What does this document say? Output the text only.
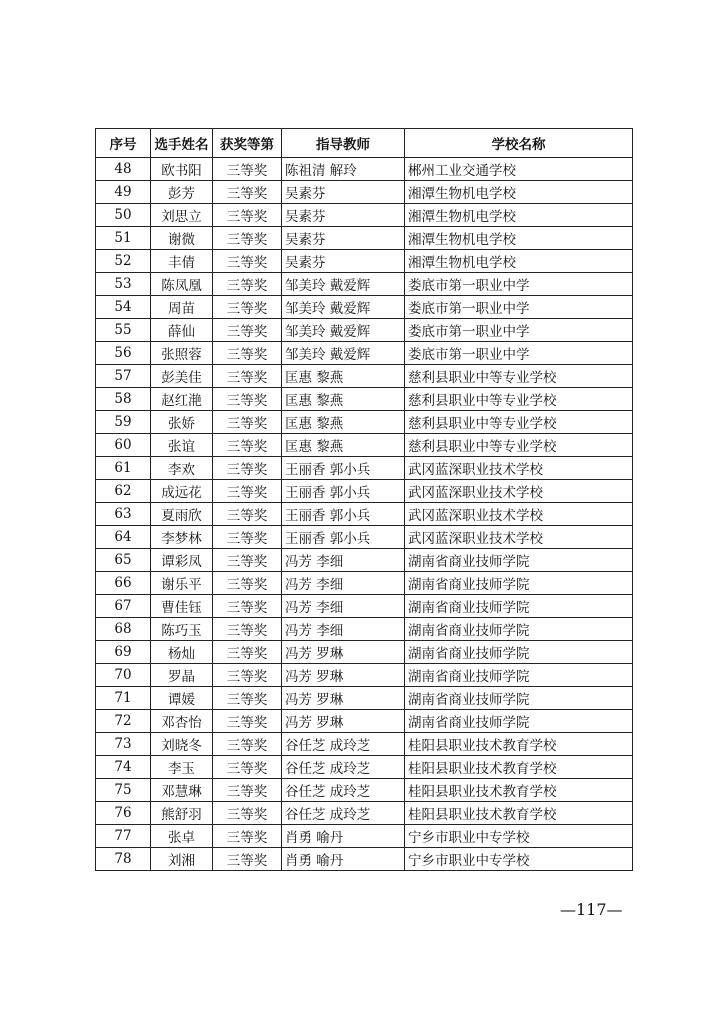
序号	选手姓名	获奖等第	指导教师	学校名称
48	欧书阳	三等奖	陈祖清 解玲	郴州工业交通学校
49	彭芳	三等奖	吴素芬	湘潭生物机电学校
50	刘思立	三等奖	吴素芬	湘潭生物机电学校
51	谢微	三等奖	吴素芬	湘潭生物机电学校
52	丰倩	三等奖	吴素芬	湘潭生物机电学校
53	陈凤凰	三等奖	邹美玲 戴爱辉	娄底市第一职业中学
54	周苗	三等奖	邹美玲 戴爱辉	娄底市第一职业中学
55	薛仙	三等奖	邹美玲 戴爱辉	娄底市第一职业中学
56	张照蓉	三等奖	邹美玲 戴爱辉	娄底市第一职业中学
57	彭美佳	三等奖	匡惠 黎燕	慈利县职业中等专业学校
58	赵红滟	三等奖	匡惠 黎燕	慈利县职业中等专业学校
59	张娇	三等奖	匡惠 黎燕	慈利县职业中等专业学校
60	张谊	三等奖	匡惠 黎燕	慈利县职业中等专业学校
61	李欢	三等奖	王丽香 郭小兵	武冈蓝深职业技术学校
62	成远花	三等奖	王丽香 郭小兵	武冈蓝深职业技术学校
63	夏雨欣	三等奖	王丽香 郭小兵	武冈蓝深职业技术学校
64	李梦林	三等奖	王丽香 郭小兵	武冈蓝深职业技术学校
65	谭彩凤	三等奖	冯芳 李细	湖南省商业技师学院
66	谢乐平	三等奖	冯芳 李细	湖南省商业技师学院
67	曹佳钰	三等奖	冯芳 李细	湖南省商业技师学院
68	陈巧玉	三等奖	冯芳 李细	湖南省商业技师学院
69	杨灿	三等奖	冯芳 罗琳	湖南省商业技师学院
70	罗晶	三等奖	冯芳 罗琳	湖南省商业技师学院
71	谭媛	三等奖	冯芳 罗琳	湖南省商业技师学院
72	邓杏怡	三等奖	冯芳 罗琳	湖南省商业技师学院
73	刘晓冬	三等奖	谷任芝 成玲芝	桂阳县职业技术教育学校
74	李玉	三等奖	谷任芝 成玲芝	桂阳县职业技术教育学校
75	邓慧琳	三等奖	谷任芝 成玲芝	桂阳县职业技术教育学校
76	熊舒羽	三等奖	谷任芝 成玲芝	桂阳县职业技术教育学校
77	张卓	三等奖	肖勇 喻丹	宁乡市职业中专学校
78	刘湘	三等奖	肖勇 喻丹	宁乡市职业中专学校
—117—
